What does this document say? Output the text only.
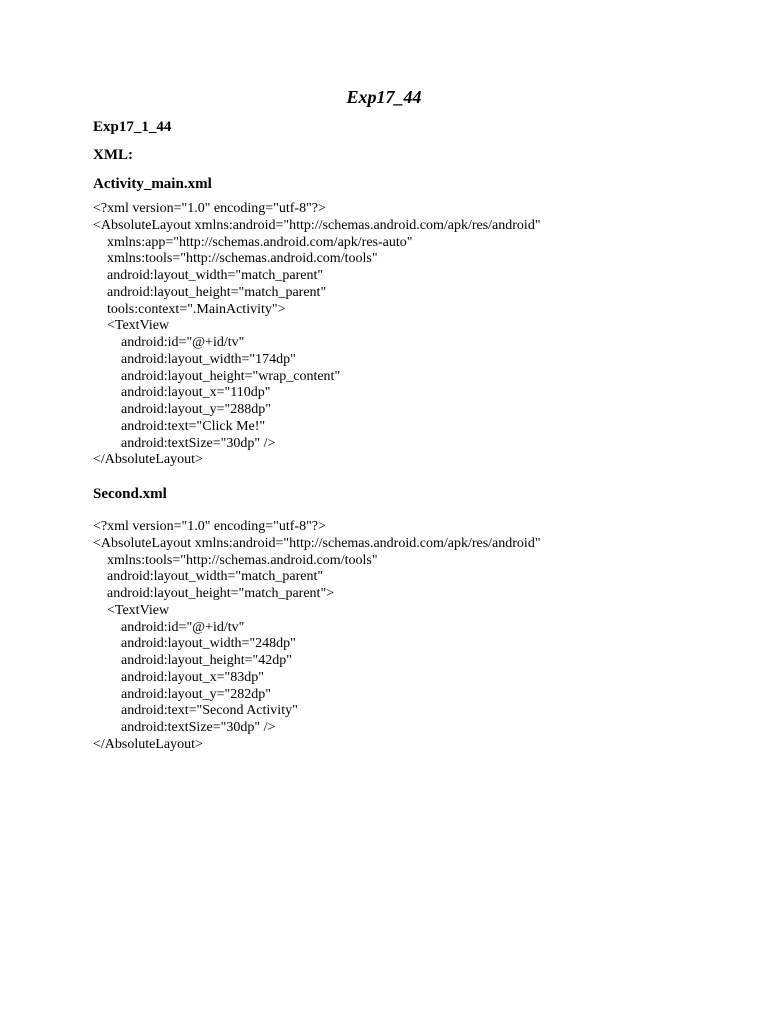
Exp17_44
Exp17_1_44
XML:
Activity_main.xml
<?xml version="1.0" encoding="utf-8"?>
<AbsoluteLayout xmlns:android="http://schemas.android.com/apk/res/android"
xmlns:app="http://schemas.android.com/apk/res-auto"
xmlns:tools="http://schemas.android.com/tools"
android:layout_width="match_parent"
android:layout_height="match_parent"
tools:context=".MainActivity">
<TextView
android:id="@+id/tv"
android:layout_width="174dp"
android:layout_height="wrap_content"
android:layout_x="110dp"
android:layout_y="288dp"
android:text="Click Me!"
android:textSize="30dp" />
</AbsoluteLayout>
Second.xml
<?xml version="1.0" encoding="utf-8"?>
<AbsoluteLayout xmlns:android="http://schemas.android.com/apk/res/android"
xmlns:tools="http://schemas.android.com/tools"
android:layout_width="match_parent"
android:layout_height="match_parent">
<TextView
android:id="@+id/tv"
android:layout_width="248dp"
android:layout_height="42dp"
android:layout_x="83dp"
android:layout_y="282dp"
android:text="Second Activity"
android:textSize="30dp" />
</AbsoluteLayout>
